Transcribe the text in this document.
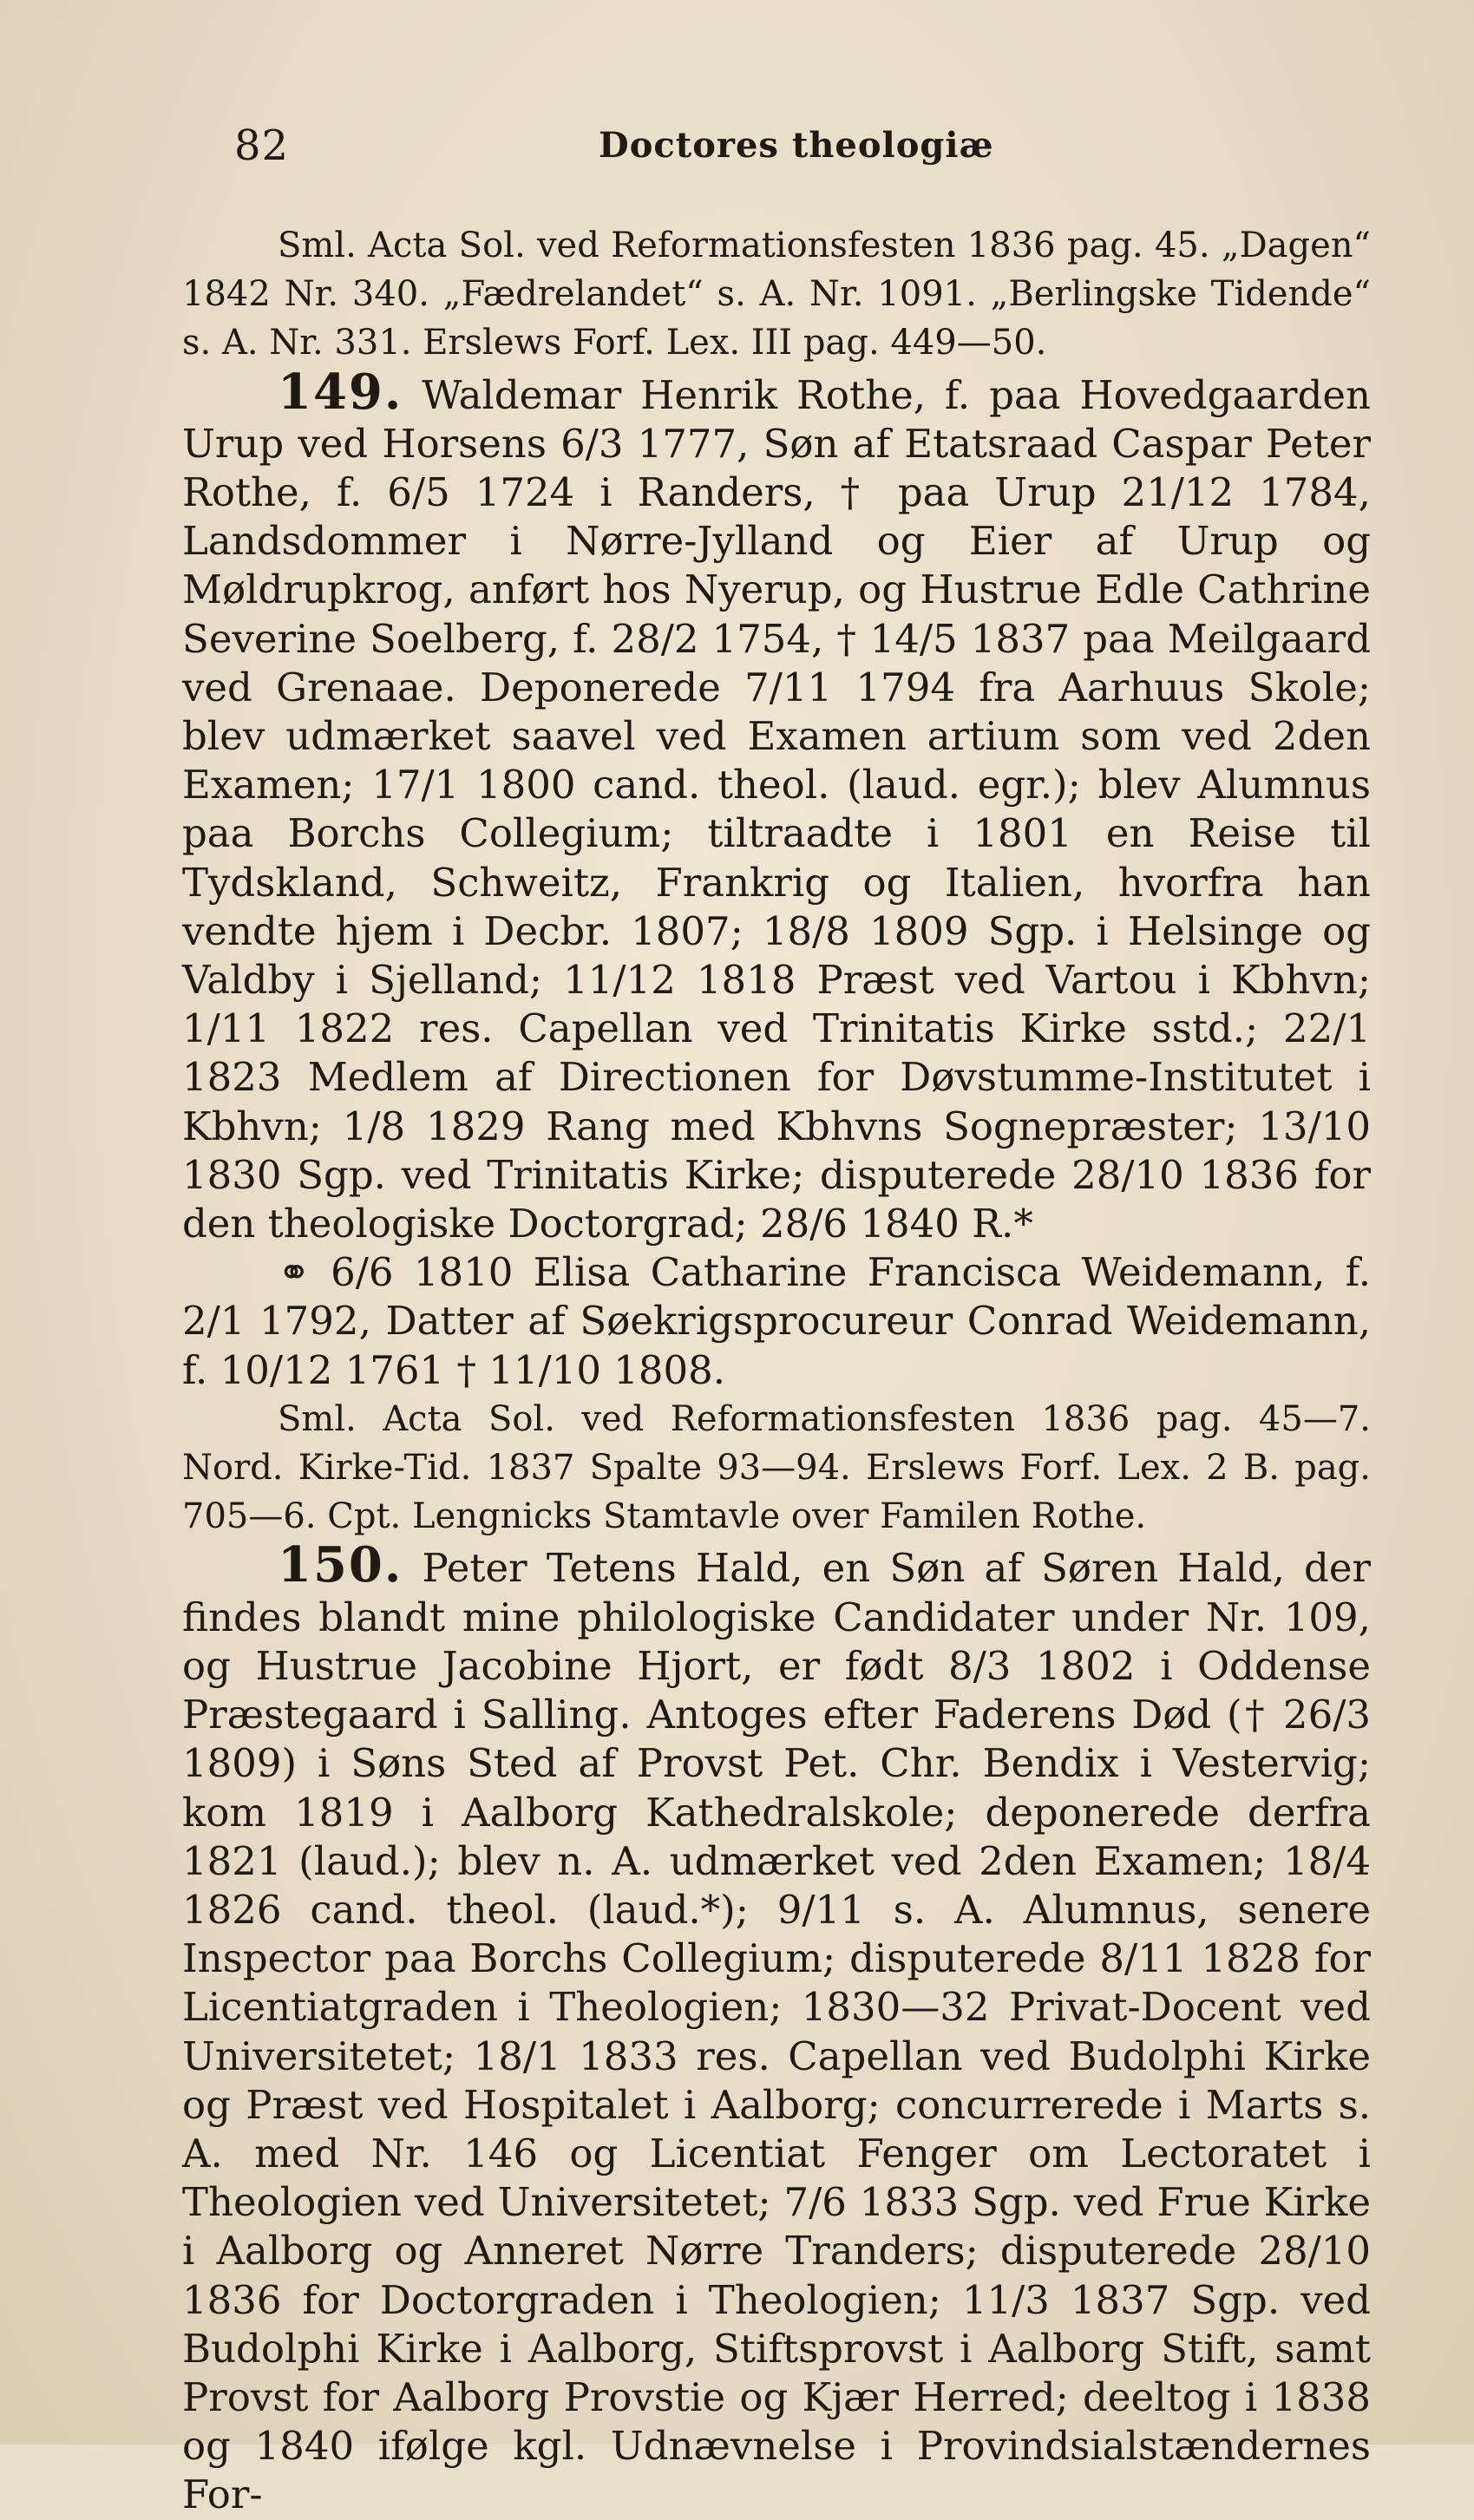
82	Doctores theologiæ

Sml. Acta Sol. ved Reformationsfesten 1836 pag. 45. „Dagen“ 1842 Nr. 340. „Fædrelandet“ s. A. Nr. 1091. „Berlingske Tidende“ s. A. Nr. 331. Erslews Forf. Lex. III pag. 449—50.

149. Waldemar Henrik Rothe, f. paa Hovedgaarden Urup ved Horsens 6/3 1777, Søn af Etatsraad Caspar Peter Rothe, f. 6/5 1724 i Randers, † paa Urup 21/12 1784, Landsdommer i Nørre-Jylland og Eier af Urup og Møldrupkrog, anført hos Nyerup, og Hustrue Edle Cathrine Severine Soelberg, f. 28/2 1754, † 14/5 1837 paa Meilgaard ved Grenaae. Deponerede 7/11 1794 fra Aarhuus Skole; blev udmærket saavel ved Examen artium som ved 2den Examen; 17/1 1800 cand. theol. (laud. egr.); blev Alumnus paa Borchs Collegium; tiltraadte i 1801 en Reise til Tydskland, Schweitz, Frankrig og Italien, hvorfra han vendte hjem i Decbr. 1807; 18/8 1809 Sgp. i Helsinge og Valdby i Sjelland; 11/12 1818 Præst ved Vartou i Kbhvn; 1/11 1822 res. Capellan ved Trinitatis Kirke sstd.; 22/1 1823 Medlem af Directionen for Døvstumme-Institutet i Kbhvn; 1/8 1829 Rang med Kbhvns Sognepræster; 13/10 1830 Sgp. ved Trinitatis Kirke; disputerede 28/10 1836 for den theologiske Doctorgrad; 28/6 1840 R.*

⚭ 6/6 1810 Elisa Catharine Francisca Weidemann, f. 2/1 1792, Datter af Søekrigsprocureur Conrad Weidemann, f. 10/12 1761 † 11/10 1808.

Sml. Acta Sol. ved Reformationsfesten 1836 pag. 45—7. Nord. Kirke-Tid. 1837 Spalte 93—94. Erslews Forf. Lex. 2 B. pag. 705—6. Cpt. Lengnicks Stamtavle over Familen Rothe.

150. Peter Tetens Hald, en Søn af Søren Hald, der findes blandt mine philologiske Candidater under Nr. 109, og Hustrue Jacobine Hjort, er født 8/3 1802 i Oddense Præstegaard i Salling. Antoges efter Faderens Død († 26/3 1809) i Søns Sted af Provst Pet. Chr. Bendix i Vestervig; kom 1819 i Aalborg Kathedralskole; deponerede derfra 1821 (laud.); blev n. A. udmærket ved 2den Examen; 18/4 1826 cand. theol. (laud.*); 9/11 s. A. Alumnus, senere Inspector paa Borchs Collegium; disputerede 8/11 1828 for Licentiatgraden i Theologien; 1830—32 Privat-Docent ved Universitetet; 18/1 1833 res. Capellan ved Budolphi Kirke og Præst ved Hospitalet i Aalborg; concurrerede i Marts s. A. med Nr. 146 og Licentiat Fenger om Lectoratet i Theologien ved Universitetet; 7/6 1833 Sgp. ved Frue Kirke i Aalborg og Anneret Nørre Tranders; disputerede 28/10 1836 for Doctorgraden i Theologien; 11/3 1837 Sgp. ved Budolphi Kirke i Aalborg, Stiftsprovst i Aalborg Stift, samt Provst for Aalborg Provstie og Kjær Herred; deeltog i 1838 og 1840 ifølge kgl. Udnævnelse i Provindsialstændernes For-
